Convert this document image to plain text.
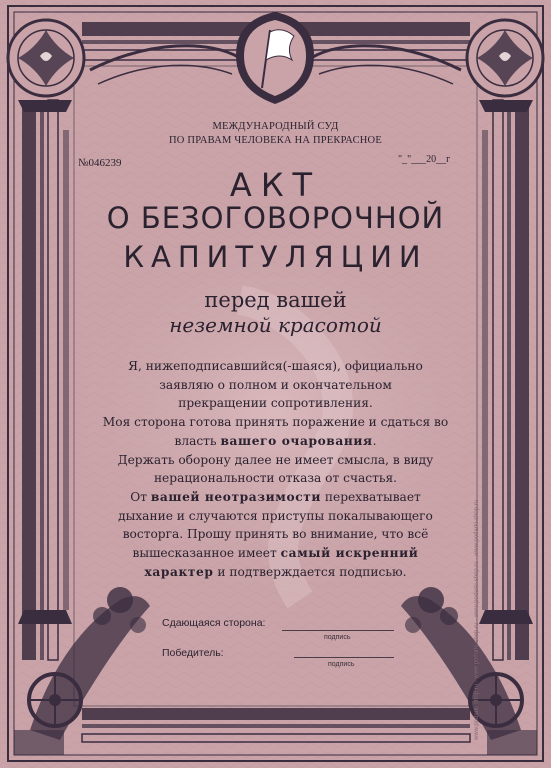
www.podarki-shop.ru · www.podarki-shop.ru · www.podarki-shop.ru · www.podarki-shop.ru
МЕЖДУНАРОДНЫЙ СУД
ПО ПРАВАМ ЧЕЛОВЕКА НА ПРЕКРАСНОЕ
№046239	"_"___20__г
АКТ
О БЕЗОГОВОРОЧНОЙ
КАПИТУЛЯЦИИ
перед вашей
неземной красотой
Я, нижеподписавшийся(-шаяся), официально
заявляю о полном и окончательном
прекращении сопротивления.
Моя сторона готова принять поражение и сдаться во
власть вашего очарования.
Держать оборону далее не имеет смысла, в виду
нерациональности отказа от счастья.
От вашей неотразимости перехватывает
дыхание и случаются приступы покалывающего
восторга. Прошу принять во внимание, что всё
вышесказанное имеет самый искренний
характер и подтверждается подписью.
Сдающаяся сторона:
подпись
Победитель:
подпись
